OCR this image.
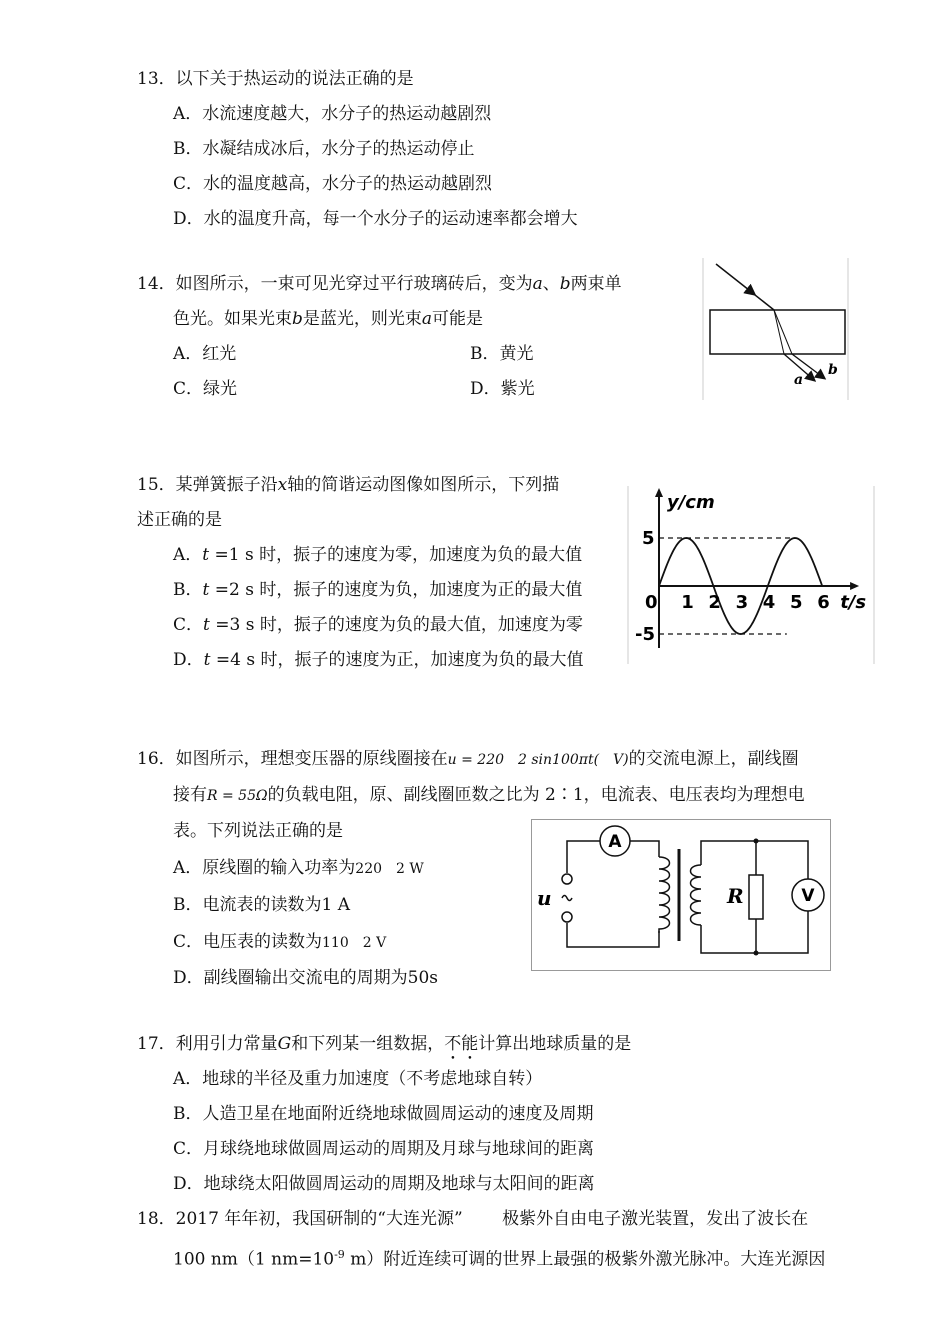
13．以下关于热运动的说法正确的是
A．水流速度越大，水分子的热运动越剧烈
B．水凝结成冰后，水分子的热运动停止
C．水的温度越高，水分子的热运动越剧烈
D．水的温度升高，每一个水分子的运动速率都会增大
14．如图所示，一束可见光穿过平行玻璃砖后，变为a、b两束单
色光。如果光束b是蓝光，则光束a可能是
A．红光	B．黄光
C．绿光	D．紫光	a
b
15．某弹簧振子沿x轴的简谐运动图像如图所示，下列描
述正确的是
A．t =1 s 时，振子的速度为零，加速度为负的最大值
B．t =2 s 时，振子的速度为负，加速度为正的最大值
C．t =3 s 时，振子的速度为负的最大值，加速度为零
D．t =4 s 时，振子的速度为正，加速度为负的最大值
0 1 2 3 4 5 6
5
-5
y/cm
t/s
16．如图所示，理想变压器的原线圈接在u = 220　2 sin100πt(　V)的交流电源上，副线圈
接有R = 55Ω的负载电阻，原、副线圈匝数之比为 2∶1，电流表、电压表均为理想电
表。下列说法正确的是
A．原线圈的输入功率为220　2 W
B．电流表的读数为1 A
C．电压表的读数为110　2 V
D．副线圈输出交流电的周期为50s
A
V
R
u
17．利用引力常量G和下列某一组数据，不能计算出地球质量的是
A．地球的半径及重力加速度（不考虑地球自转）
B．人造卫星在地面附近绕地球做圆周运动的速度及周期
C．月球绕地球做圆周运动的周期及月球与地球间的距离
D．地球绕太阳做圆周运动的周期及地球与太阳间的距离
18．2017 年年初，我国研制的“大连光源”　　 极紫外自由电子激光装置，发出了波长在
100 nm（1 $nm=10^{-9}$ m）附近连续可调的世界上最强的极紫外激光脉冲。大连光源因
